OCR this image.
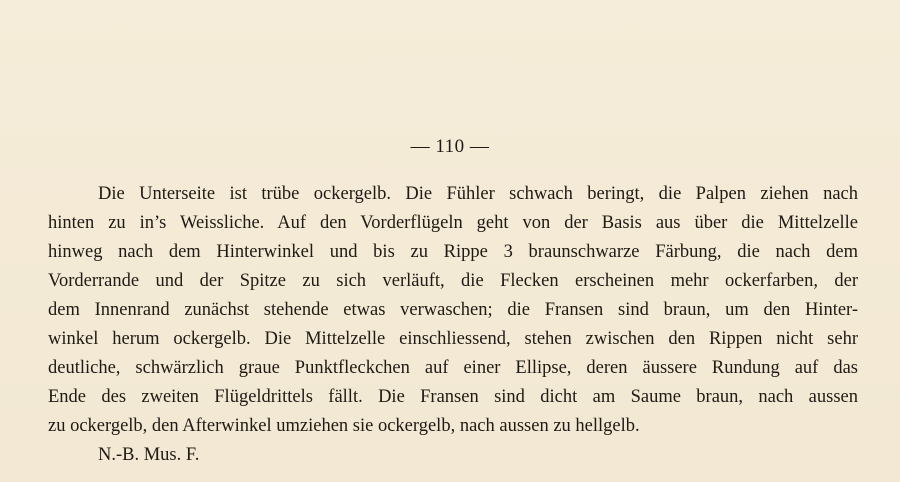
— 110 —
Die Unterseite ist trübe ockergelb. Die Fühler schwach beringt, die Palpen ziehen nach
hinten zu in’s Weissliche. Auf den Vorderflügeln geht von der Basis aus über die Mittelzelle
hinweg nach dem Hinterwinkel und bis zu Rippe 3 braunschwarze Färbung, die nach dem
Vorderrande und der Spitze zu sich verläuft, die Flecken erscheinen mehr ockerfarben, der
dem Innenrand zunächst stehende etwas verwaschen; die Fransen sind braun, um den Hinter-
winkel herum ockergelb. Die Mittelzelle einschliessend, stehen zwischen den Rippen nicht sehr
deutliche, schwärzlich graue Punktfleckchen auf einer Ellipse, deren äussere Rundung auf das
Ende des zweiten Flügeldrittels fällt. Die Fransen sind dicht am Saume braun, nach aussen
zu ockergelb, den Afterwinkel umziehen sie ockergelb, nach aussen zu hellgelb.
N.-B. Mus. F.
